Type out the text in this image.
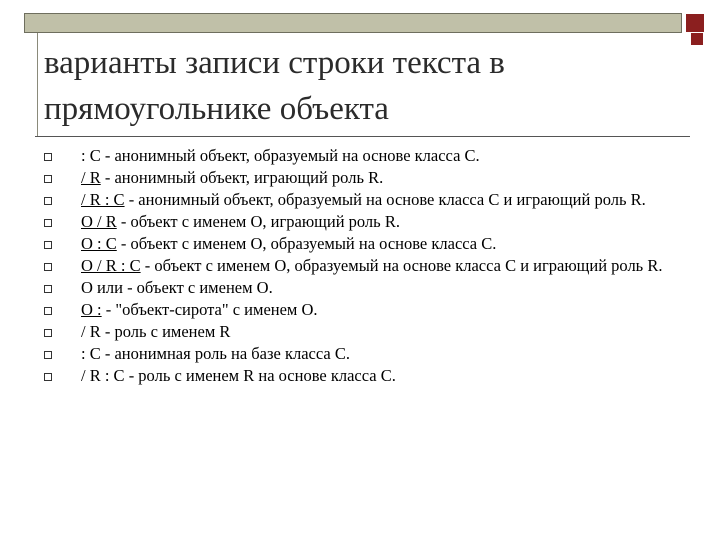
варианты записи строки текста в прямоугольнике объекта
: C - анонимный объект, образуемый на основе класса C.
/ R - анонимный объект, играющий роль R.
/ R : C - анонимный объект, образуемый на основе класса C и играющий роль R.
O / R - объект с именем O, играющий роль R.
O : C - объект с именем O, образуемый на основе класса C.
O / R : C - объект с именем O, образуемый на основе класса C и играющий роль R.
O или - объект с именем O.
O : - "объект-сирота" с именем O.
/ R - роль с именем R
: C - анонимная роль на базе класса C.
/ R : C - роль с именем R на основе класса C.
